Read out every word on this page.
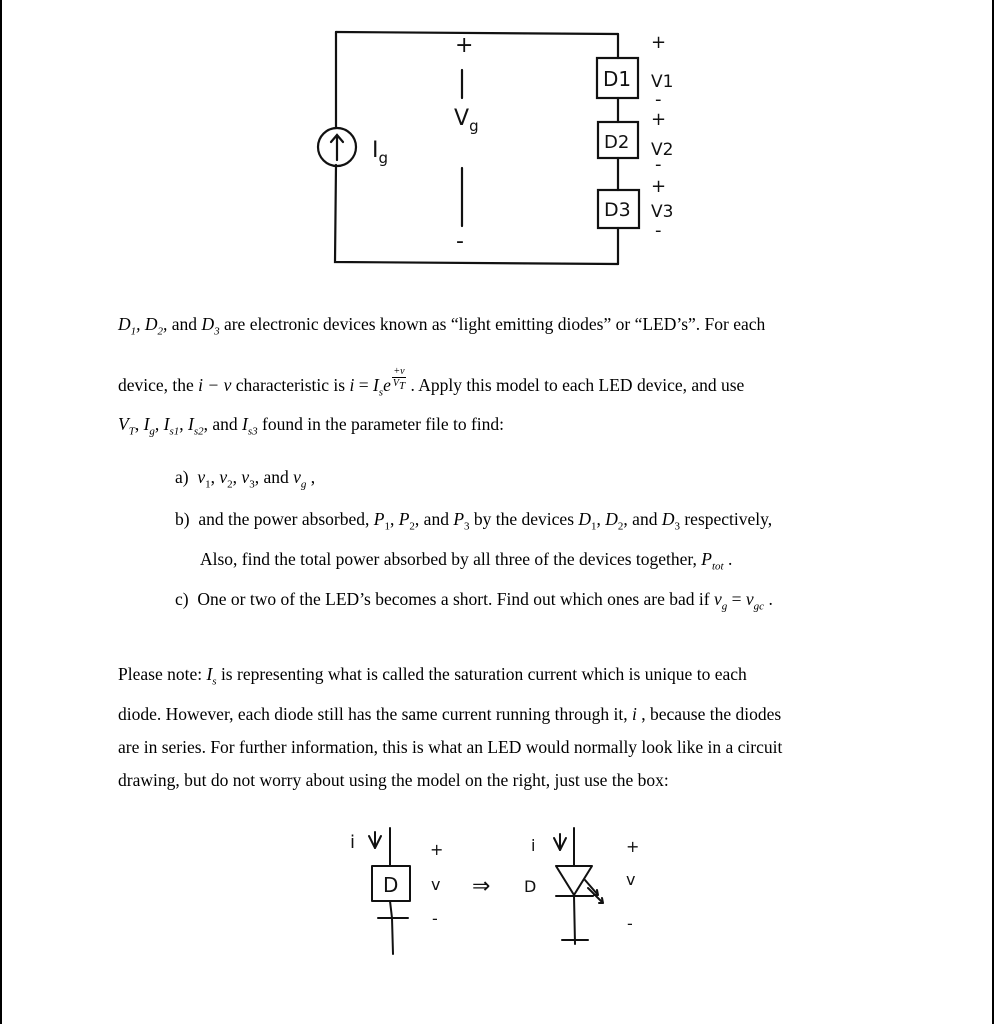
$I_g$
+
-
$V_g$
D1
D2
D3
+
V1
-
+
V2
-
+
V3
-
$D_1$, $D_2$, and $D_3$ are electronic devices known as “light emitting diodes” or “LED’s”. For each
device, the i − v characteristic is $i = I_se \frac{+v}{V_T}$ . Apply this model to each LED device, and use
$V_T$, $I_g$, $I_{s1}$, $I_{s2}$, and $I_{s3}$ found in the parameter file to find:
a) $v_1$, $v_2$, $v_3$, and $v_g$ ,
b) and the power absorbed, $P_1$, $P_2$, and $P_3$ by the devices $D_1$, $D_2$, and $D_3$ respectively,
Also, find the total power absorbed by all three of the devices together, $P_{tot}$ .
c) One or two of the LED’s becomes a short. Find out which ones are bad if $v_g = v_{gc}$ .
Please note: $I_s$ is representing what is called the saturation current which is unique to each
diode. However, each diode still has the same current running through it, i , because the diodes
are in series. For further information, this is what an LED would normally look like in a circuit
drawing, but do not worry about using the model on the right, just use the box:
i
D
+
v
-
⇒ D
i	+
v
-
